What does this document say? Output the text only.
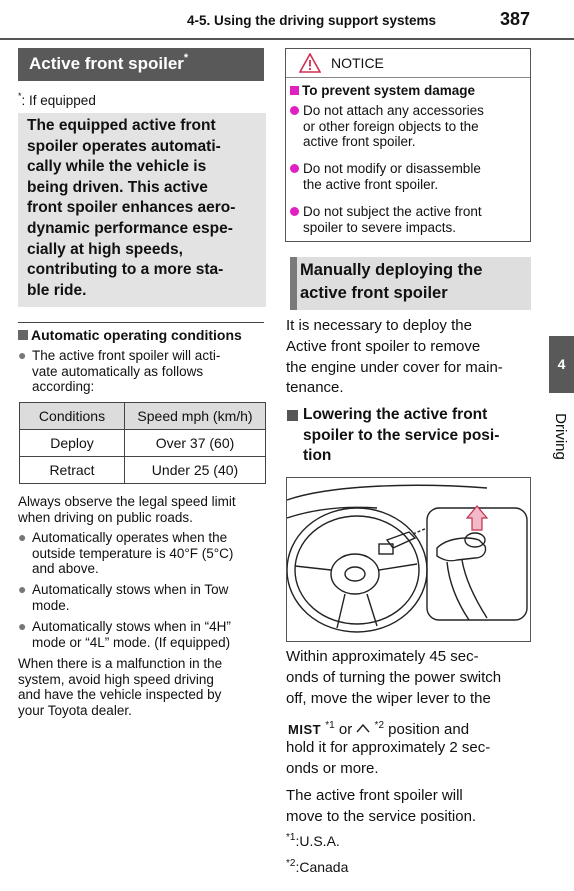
4-5. Using the driving support systems	387
Active front spoiler*
*: If equipped

The equipped active front

spoiler operates automati-

cally while the vehicle is

being driven. This active

front spoiler enhances aero-

dynamic performance espe-

cially at high speeds,

contributing to a more sta-

ble ride.

Automatic operating conditions
● The active front spoiler will acti-
vate automatically as follows
according:
Conditions	Speed mph (km/h)
Deploy	Over 37 (60)
Retract	Under 25 (40)
Always observe the legal speed limit
when driving on public roads.
● Automatically operates when the
outside temperature is 40°F (5°C)
and above.
● Automatically stows when in Tow
mode.
● Automatically stows when in “4H”
mode or “4L” mode. (If equipped)
When there is a malfunction in the
system, avoid high speed driving
and have the vehicle inspected by
your Toyota dealer.
NOTICE
To prevent system damage
Do not attach any accessories
or other foreign objects to the
active front spoiler.
Do not modify or disassemble
the active front spoiler.
Do not subject the active front
spoiler to severe impacts.

Manually deploying the

active front spoiler

It is necessary to deploy the
Active front spoiler to remove
the engine under cover for main-
tenance.
Lowering the active front
spoiler to the service posi-
tion
Within approximately 45 sec-
onds of turning the power switch
off, move the wiper lever to the
MIST $^{*1}$ or  $^{*2}$ position and
hold it for approximately 2 sec-
onds or more.
The active front spoiler will
move to the service position.
$^{*1}$:U.S.A.
$^{*2}$:Canada
4
Driving
